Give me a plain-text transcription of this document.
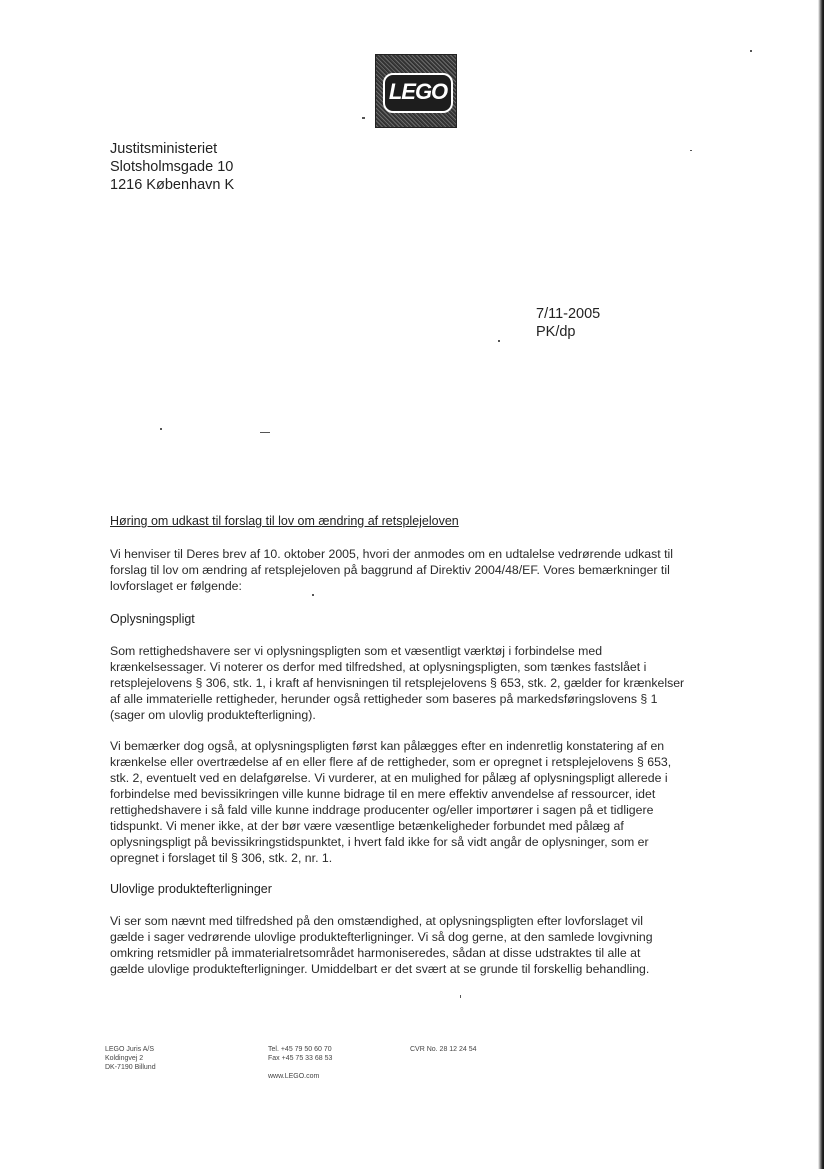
LEGO
Justitsministeriet
Slotsholmsgade 10
1216 København K
7/11-2005
PK/dp
Høring om udkast til forslag til lov om ændring af retsplejeloven
Vi henviser til Deres brev af 10. oktober 2005, hvori der anmodes om en udtalelse vedrørende udkast til
forslag til lov om ændring af retsplejeloven på baggrund af Direktiv 2004/48/EF. Vores bemærkninger til
lovforslaget er følgende:
Oplysningspligt
Som rettighedshavere ser vi oplysningspligten som et væsentligt værktøj i forbindelse med
krænkelsessager. Vi noterer os derfor med tilfredshed, at oplysningspligten, som tænkes fastslået i
retsplejelovens § 306, stk. 1, i kraft af henvisningen til retsplejelovens § 653, stk. 2, gælder for krænkelser
af alle immaterielle rettigheder, herunder også rettigheder som baseres på markedsføringslovens § 1
(sager om ulovlig produktefterligning).
Vi bemærker dog også, at oplysningspligten først kan pålægges efter en indenretlig konstatering af en
krænkelse eller overtrædelse af en eller flere af de rettigheder, som er opregnet i retsplejelovens § 653,
stk. 2, eventuelt ved en delafgørelse. Vi vurderer, at en mulighed for pålæg af oplysningspligt allerede i
forbindelse med bevissikringen ville kunne bidrage til en mere effektiv anvendelse af ressourcer, idet
rettighedshavere i så fald ville kunne inddrage producenter og/eller importører i sagen på et tidligere
tidspunkt. Vi mener ikke, at der bør være væsentlige betænkeligheder forbundet med pålæg af
oplysningspligt på bevissikringstidspunktet, i hvert fald ikke for så vidt angår de oplysninger, som er
opregnet i forslaget til § 306, stk. 2, nr. 1.
Ulovlige produktefterligninger
Vi ser som nævnt med tilfredshed på den omstændighed, at oplysningspligten efter lovforslaget vil
gælde i sager vedrørende ulovlige produktefterligninger. Vi så dog gerne, at den samlede lovgivning
omkring retsmidler på immaterialretsområdet harmoniseredes, sådan at disse udstraktes til alle at
gælde ulovlige produktefterligninger. Umiddelbart er det svært at se grunde til forskellig behandling.
LEGO Juris A/S
Koldingvej 2
DK-7190 Billund
Tel. +45 79 50 60 70
Fax +45 75 33 68 53

www.LEGO.com
CVR No. 28 12 24 54
